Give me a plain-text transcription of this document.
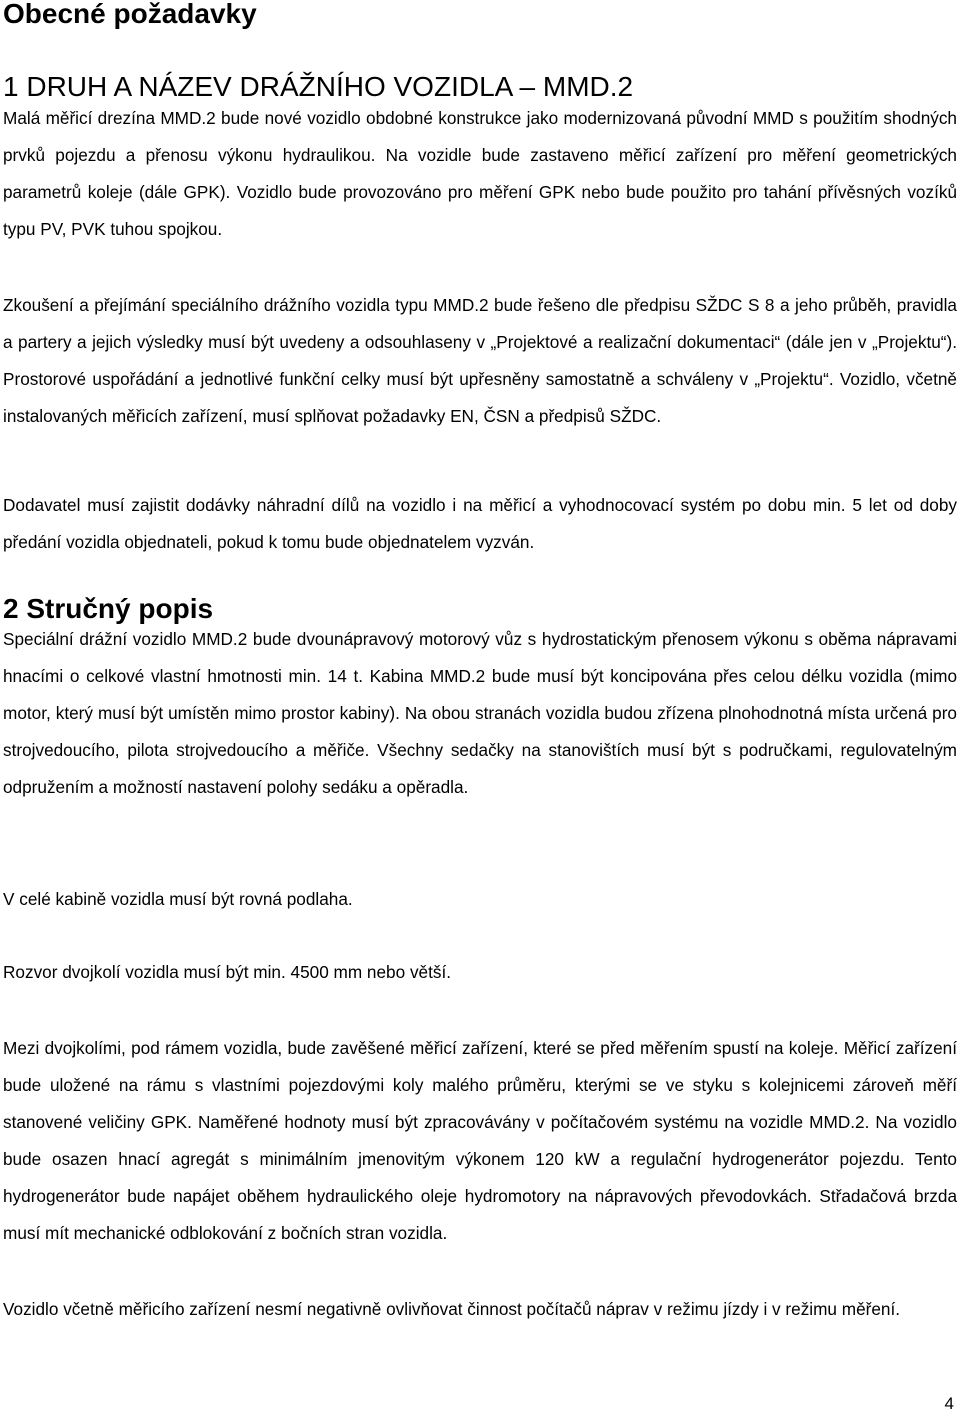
Obecné požadavky
1 DRUH A NÁZEV DRÁŽNÍHO VOZIDLA – MMD.2

Malá měřicí drezína MMD.2 bude nové vozidlo obdobné konstrukce jako modernizovaná původní MMD s použitím shodných prvků pojezdu a přenosu výkonu hydraulikou. Na vozidle bude zastaveno měřicí zařízení pro měření geometrických parametrů koleje (dále GPK). Vozidlo bude provozováno pro měření GPK nebo bude použito pro tahání přívěsných vozíků typu PV, PVK tuhou spojkou.

Zkoušení a přejímání speciálního drážního vozidla typu MMD.2 bude řešeno dle předpisu SŽDC S 8 a jeho průběh, pravidla a partery a jejich výsledky musí být uvedeny a odsouhlaseny v „Projektové a realizační dokumentaci“ (dále jen v „Projektu“). Prostorové uspořádání a jednotlivé funkční celky musí být upřesněny samostatně a schváleny v „Projektu“. Vozidlo, včetně instalovaných měřicích zařízení, musí splňovat požadavky EN, ČSN a předpisů SŽDC.

Dodavatel musí zajistit dodávky náhradní dílů na vozidlo i na měřicí a vyhodnocovací systém po dobu min. 5 let od doby předání vozidla objednateli, pokud k tomu bude objednatelem vyzván.

2 Stručný popis

Speciální drážní vozidlo MMD.2 bude dvounápravový motorový vůz s hydrostatickým přenosem výkonu s oběma nápravami hnacími o celkové vlastní hmotnosti min. 14 t. Kabina MMD.2 bude musí být koncipována přes celou délku vozidla (mimo motor, který musí být umístěn mimo prostor kabiny). Na obou stranách vozidla budou zřízena plnohodnotná místa určená pro strojvedoucího, pilota strojvedoucího a měřiče. Všechny sedačky na stanovištích musí být s područkami, regulovatelným odpružením a možností nastavení polohy sedáku a opěradla.

V celé kabině vozidla musí být rovná podlaha.

Rozvor dvojkolí vozidla musí být min. 4500 mm nebo větší.

Mezi dvojkolími, pod rámem vozidla, bude zavěšené měřicí zařízení, které se před měřením spustí na koleje. Měřicí zařízení bude uložené na rámu s vlastními pojezdovými koly malého průměru, kterými se ve styku s kolejnicemi zároveň měří stanovené veličiny GPK. Naměřené hodnoty musí být zpracovávány v počítačovém systému na vozidle MMD.2. Na vozidlo bude osazen hnací agregát s minimálním jmenovitým výkonem 120 kW a regulační hydrogenerátor pojezdu. Tento hydrogenerátor bude napájet oběhem hydraulického oleje hydromotory na nápravových převodovkách. Střadačová brzda musí mít mechanické odblokování z bočních stran vozidla.

Vozidlo včetně měřicího zařízení nesmí negativně ovlivňovat činnost počítačů náprav v režimu jízdy i v režimu měření.

4
